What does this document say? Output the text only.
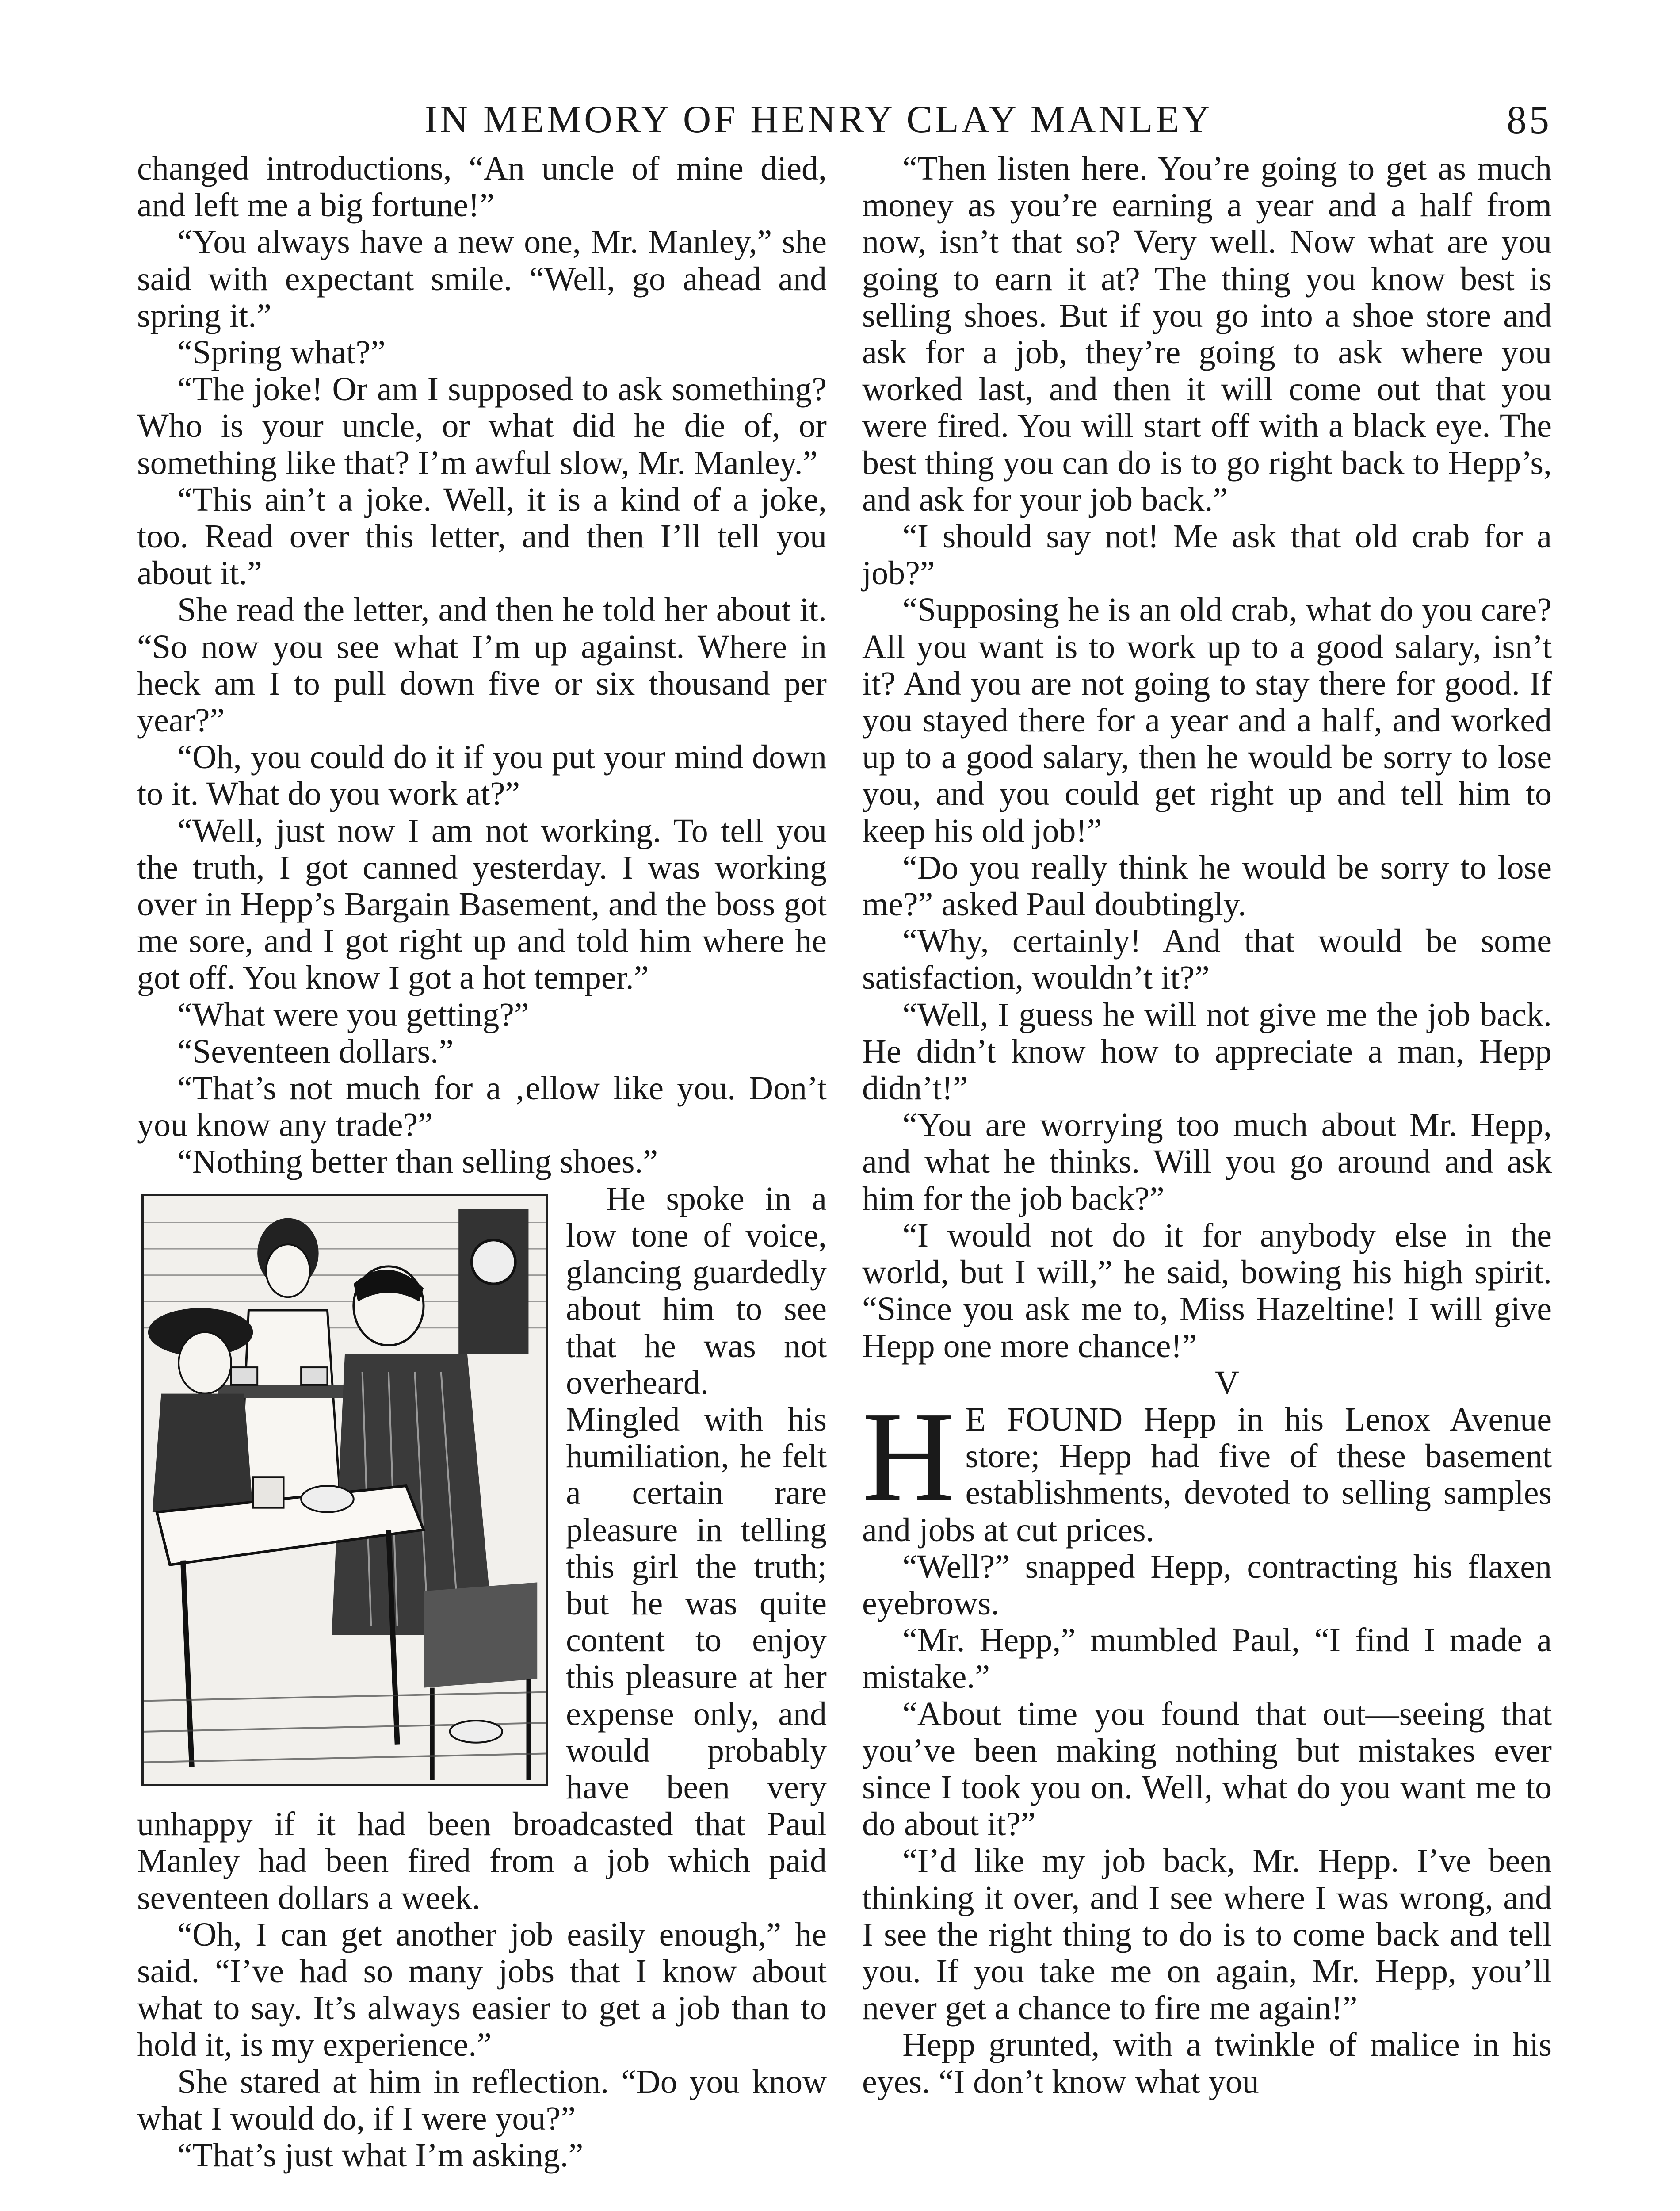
IN MEMORY OF HENRY CLAY MANLEY	85

changed introductions, “An uncle of mine died, and left me a big fortune!”

“You always have a new one, Mr. Manley,” she said with expectant smile. “Well, go ahead and spring it.”

“Spring what?”

“The joke! Or am I supposed to ask something? Who is your uncle, or what did he die of, or something like that? I’m awful slow, Mr. Manley.”

“This ain’t a joke. Well, it is a kind of a joke, too. Read over this letter, and then I’ll tell you about it.”

She read the letter, and then he told her about it. “So now you see what I’m up against. Where in heck am I to pull down five or six thousand per year?”

“Oh, you could do it if you put your mind down to it. What do you work at?”

“Well, just now I am not working. To tell you the truth, I got canned yesterday. I was working over in Hepp’s Bargain Basement, and the boss got me sore, and I got right up and told him where he got off. You know I got a hot temper.”

“What were you getting?”

“Seventeen dollars.”

“That’s not much for a ‚ellow like you. Don’t you know any trade?”

“Nothing better than selling shoes.”

He spoke in a low tone of voice, glancing guardedly about him to see that he was not overheard. Mingled with his humiliation, he felt a certain rare pleasure in telling this girl the truth; but he was quite content to enjoy this pleasure at her expense only, and would probably have been very unhappy if it had been broadcasted that Paul Manley had been fired from a job which paid seventeen dollars a week.

“Oh, I can get another job easily enough,” he said. “I’ve had so many jobs that I know about what to say. It’s always easier to get a job than to hold it, is my experience.”

She stared at him in reflection. “Do you know what I would do, if I were you?”

“That’s just what I’m asking.”

“Then listen here. You’re going to get as much money as you’re earning a year and a half from now, isn’t that so? Very well. Now what are you going to earn it at? The thing you know best is selling shoes. But if you go into a shoe store and ask for a job, they’re going to ask where you worked last, and then it will come out that you were fired. You will start off with a black eye. The best thing you can do is to go right back to Hepp’s, and ask for your job back.”

“I should say not! Me ask that old crab for a job?”

“Supposing he is an old crab, what do you care? All you want is to work up to a good salary, isn’t it? And you are not going to stay there for good. If you stayed there for a year and a half, and worked up to a good salary, then he would be sorry to lose you, and you could get right up and tell him to keep his old job!”

“Do you really think he would be sorry to lose me?” asked Paul doubtingly.

“Why, certainly! And that would be some satisfaction, wouldn’t it?”

“Well, I guess he will not give me the job back. He didn’t know how to appreciate a man, Hepp didn’t!”

“You are worrying too much about Mr. Hepp, and what he thinks. Will you go around and ask him for the job back?”

“I would not do it for anybody else in the world, but I will,” he said, bowing his high spirit. “Since you ask me to, Miss Hazeltine! I will give Hepp one more chance!”

V

H E FOUND Hepp in his Lenox Avenue store; Hepp had five of these basement establishments, devoted to selling samples and jobs at cut prices.

“Well?” snapped Hepp, contracting his flaxen eyebrows.

“Mr. Hepp,” mumbled Paul, “I find I made a mistake.”

“About time you found that out—seeing that you’ve been making nothing but mistakes ever since I took you on. Well, what do you want me to do about it?”

“I’d like my job back, Mr. Hepp. I’ve been thinking it over, and I see where I was wrong, and I see the right thing to do is to come back and tell you. If you take me on again, Mr. Hepp, you’ll never get a chance to fire me again!”

Hepp grunted, with a twinkle of malice in his eyes. “I don’t know what you
